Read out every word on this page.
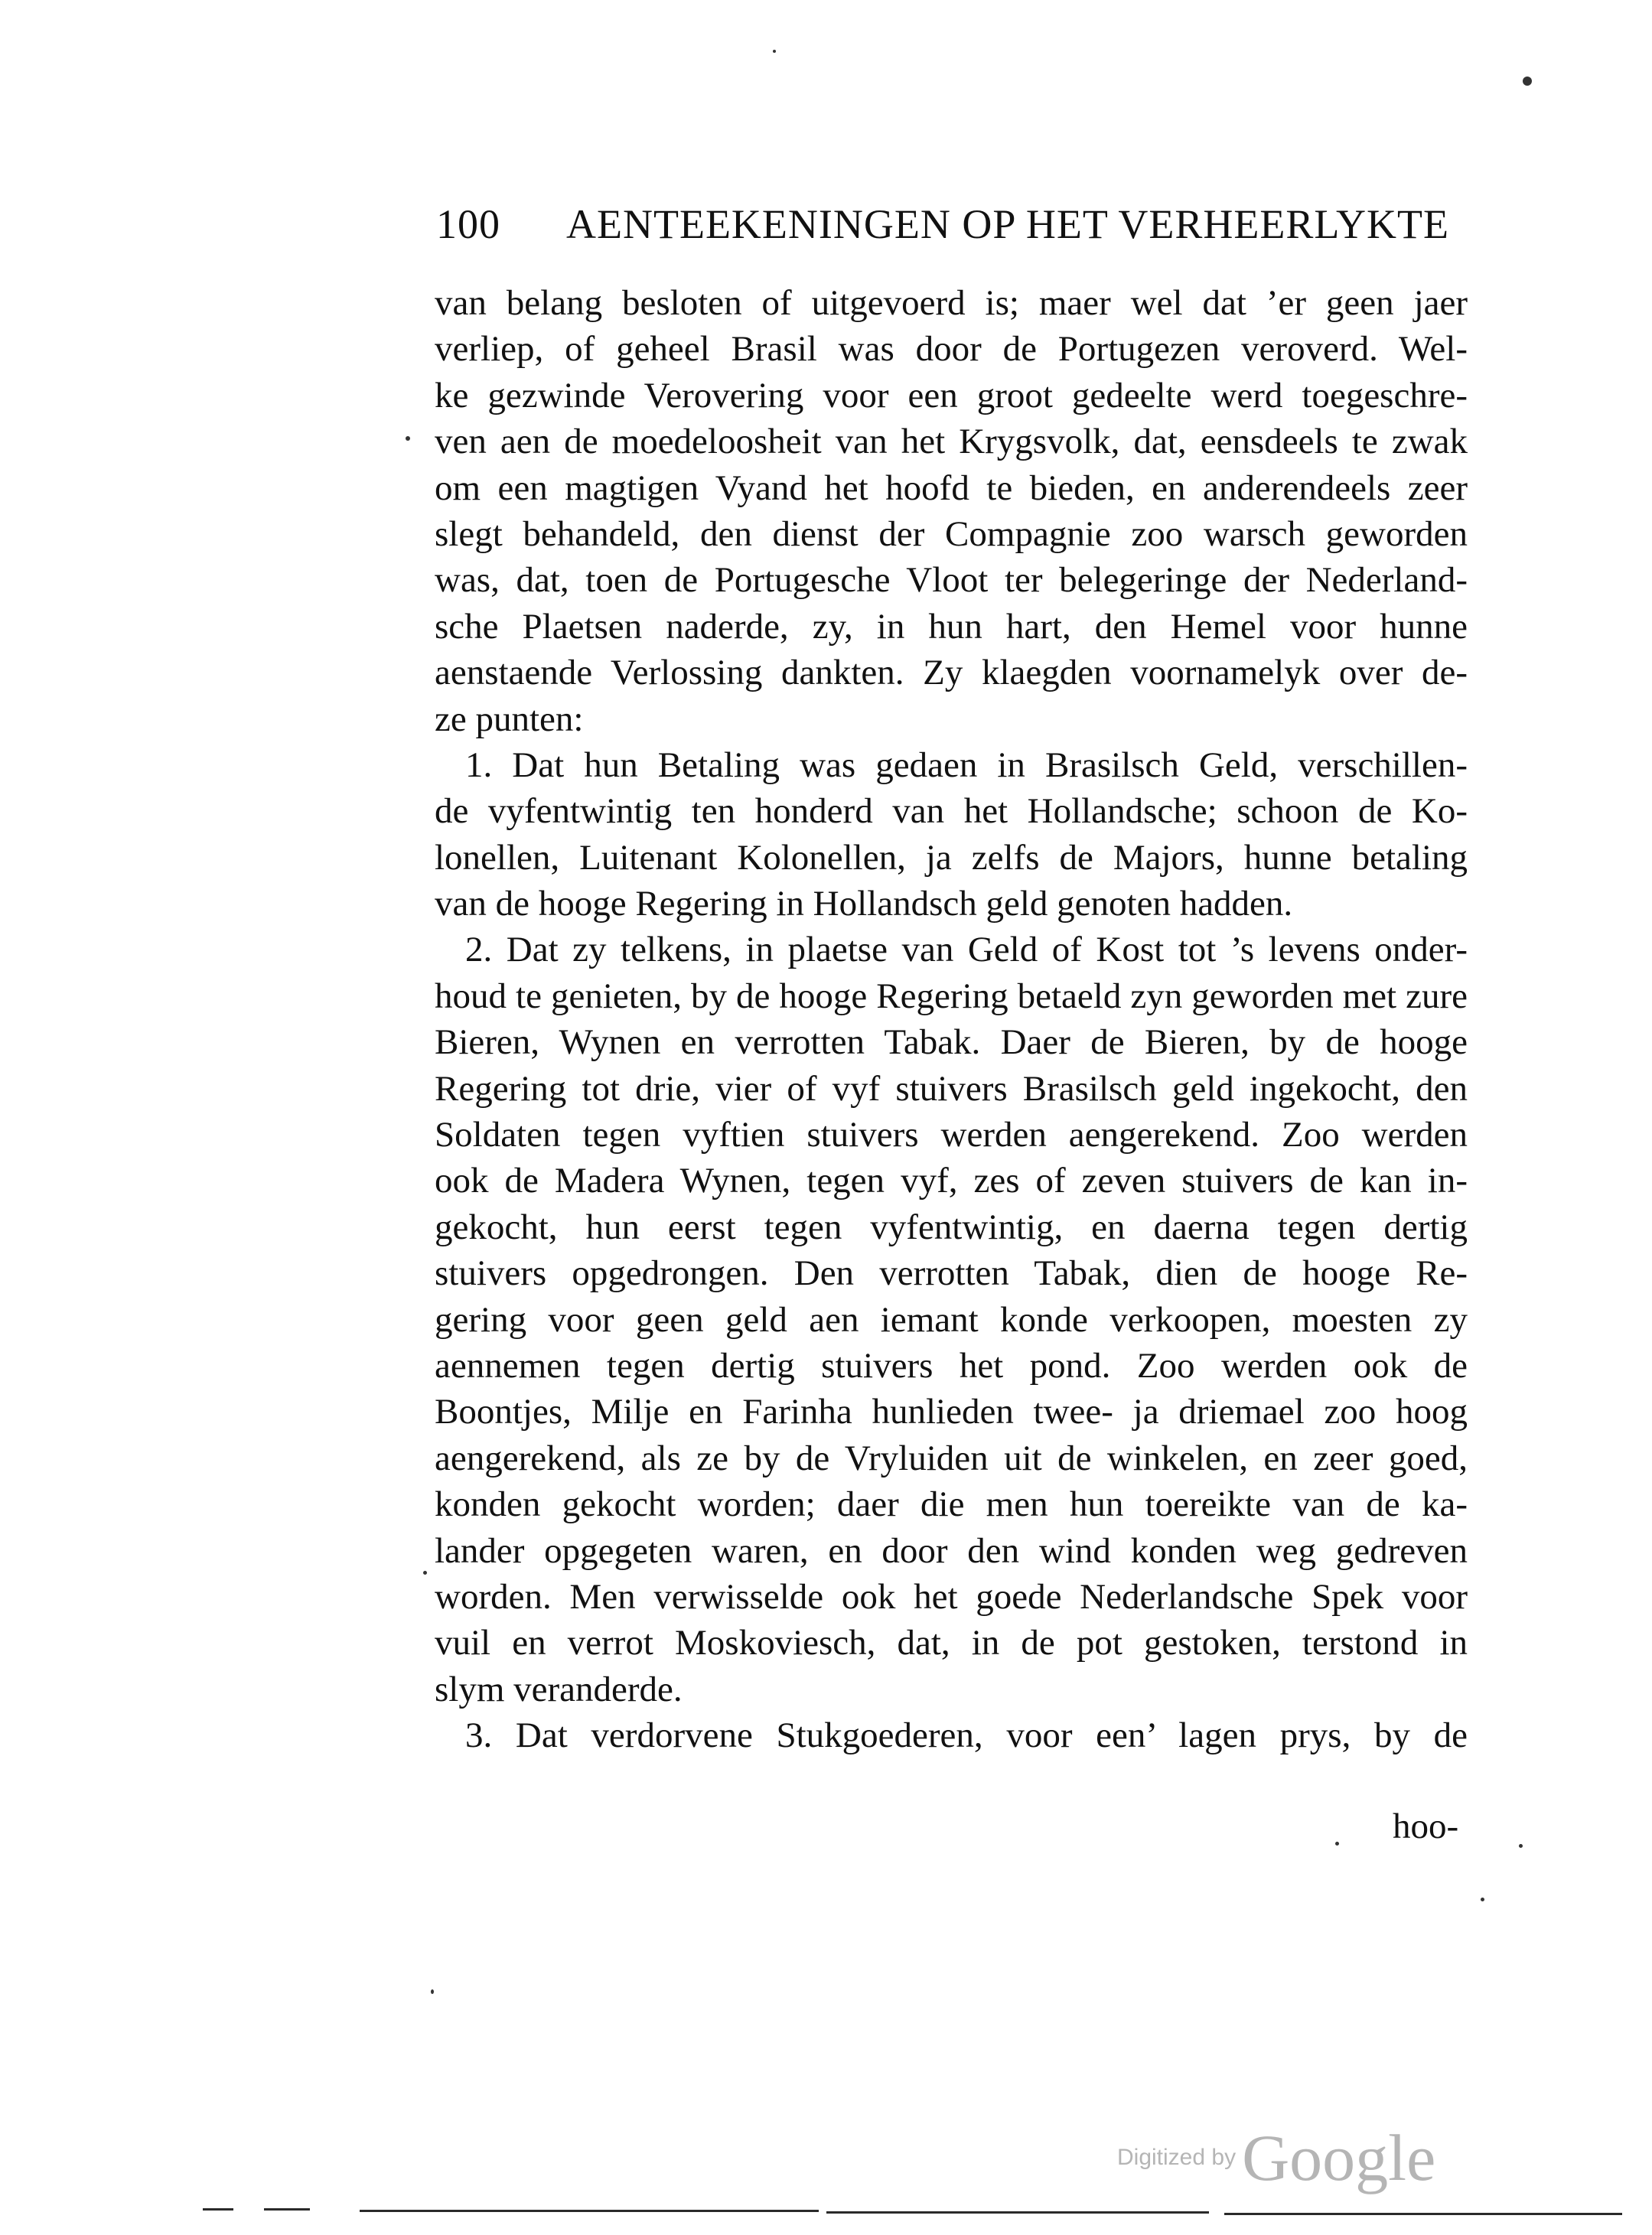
100 AENTEEKENINGEN OP HET VERHEERLYKTE
van belang besloten of uitgevoerd is; maer wel dat ’er geen jaer
verliep, of geheel Brasil was door de Portugezen veroverd. Wel-
ke gezwinde Verovering voor een groot gedeelte werd toegeschre-
ven aen de moedeloosheit van het Krygsvolk, dat, eensdeels te zwak
om een magtigen Vyand het hoofd te bieden, en anderendeels zeer
slegt behandeld, den dienst der Compagnie zoo warsch geworden
was, dat, toen de Portugesche Vloot ter belegeringe der Nederland-
sche Plaetsen naderde, zy, in hun hart, den Hemel voor hunne
aenstaende Verlossing dankten. Zy klaegden voornamelyk over de-
ze punten:
1. Dat hun Betaling was gedaen in Brasilsch Geld, verschillen-
de vyfentwintig ten honderd van het Hollandsche; schoon de Ko-
lonellen, Luitenant Kolonellen, ja zelfs de Majors, hunne betaling
van de hooge Regering in Hollandsch geld genoten hadden.
2. Dat zy telkens, in plaetse van Geld of Kost tot ’s levens onder-
houd te genieten, by de hooge Regering betaeld zyn geworden met zure
Bieren, Wynen en verrotten Tabak. Daer de Bieren, by de hooge
Regering tot drie, vier of vyf stuivers Brasilsch geld ingekocht, den
Soldaten tegen vyftien stuivers werden aengerekend. Zoo werden
ook de Madera Wynen, tegen vyf, zes of zeven stuivers de kan in-
gekocht, hun eerst tegen vyfentwintig, en daerna tegen dertig
stuivers opgedrongen. Den verrotten Tabak, dien de hooge Re-
gering voor geen geld aen iemant konde verkoopen, moesten zy
aennemen tegen dertig stuivers het pond. Zoo werden ook de
Boontjes, Milje en Farinha hunlieden twee- ja driemael zoo hoog
aengerekend, als ze by de Vryluiden uit de winkelen, en zeer goed,
konden gekocht worden; daer die men hun toereikte van de ka-
lander opgegeten waren, en door den wind konden weg gedreven
worden. Men verwisselde ook het goede Nederlandsche Spek voor
vuil en verrot Moskoviesch, dat, in de pot gestoken, terstond in
slym veranderde.
3. Dat verdorvene Stukgoederen, voor een’ lagen prys, by de
hoo-
Digitized byGoogle
